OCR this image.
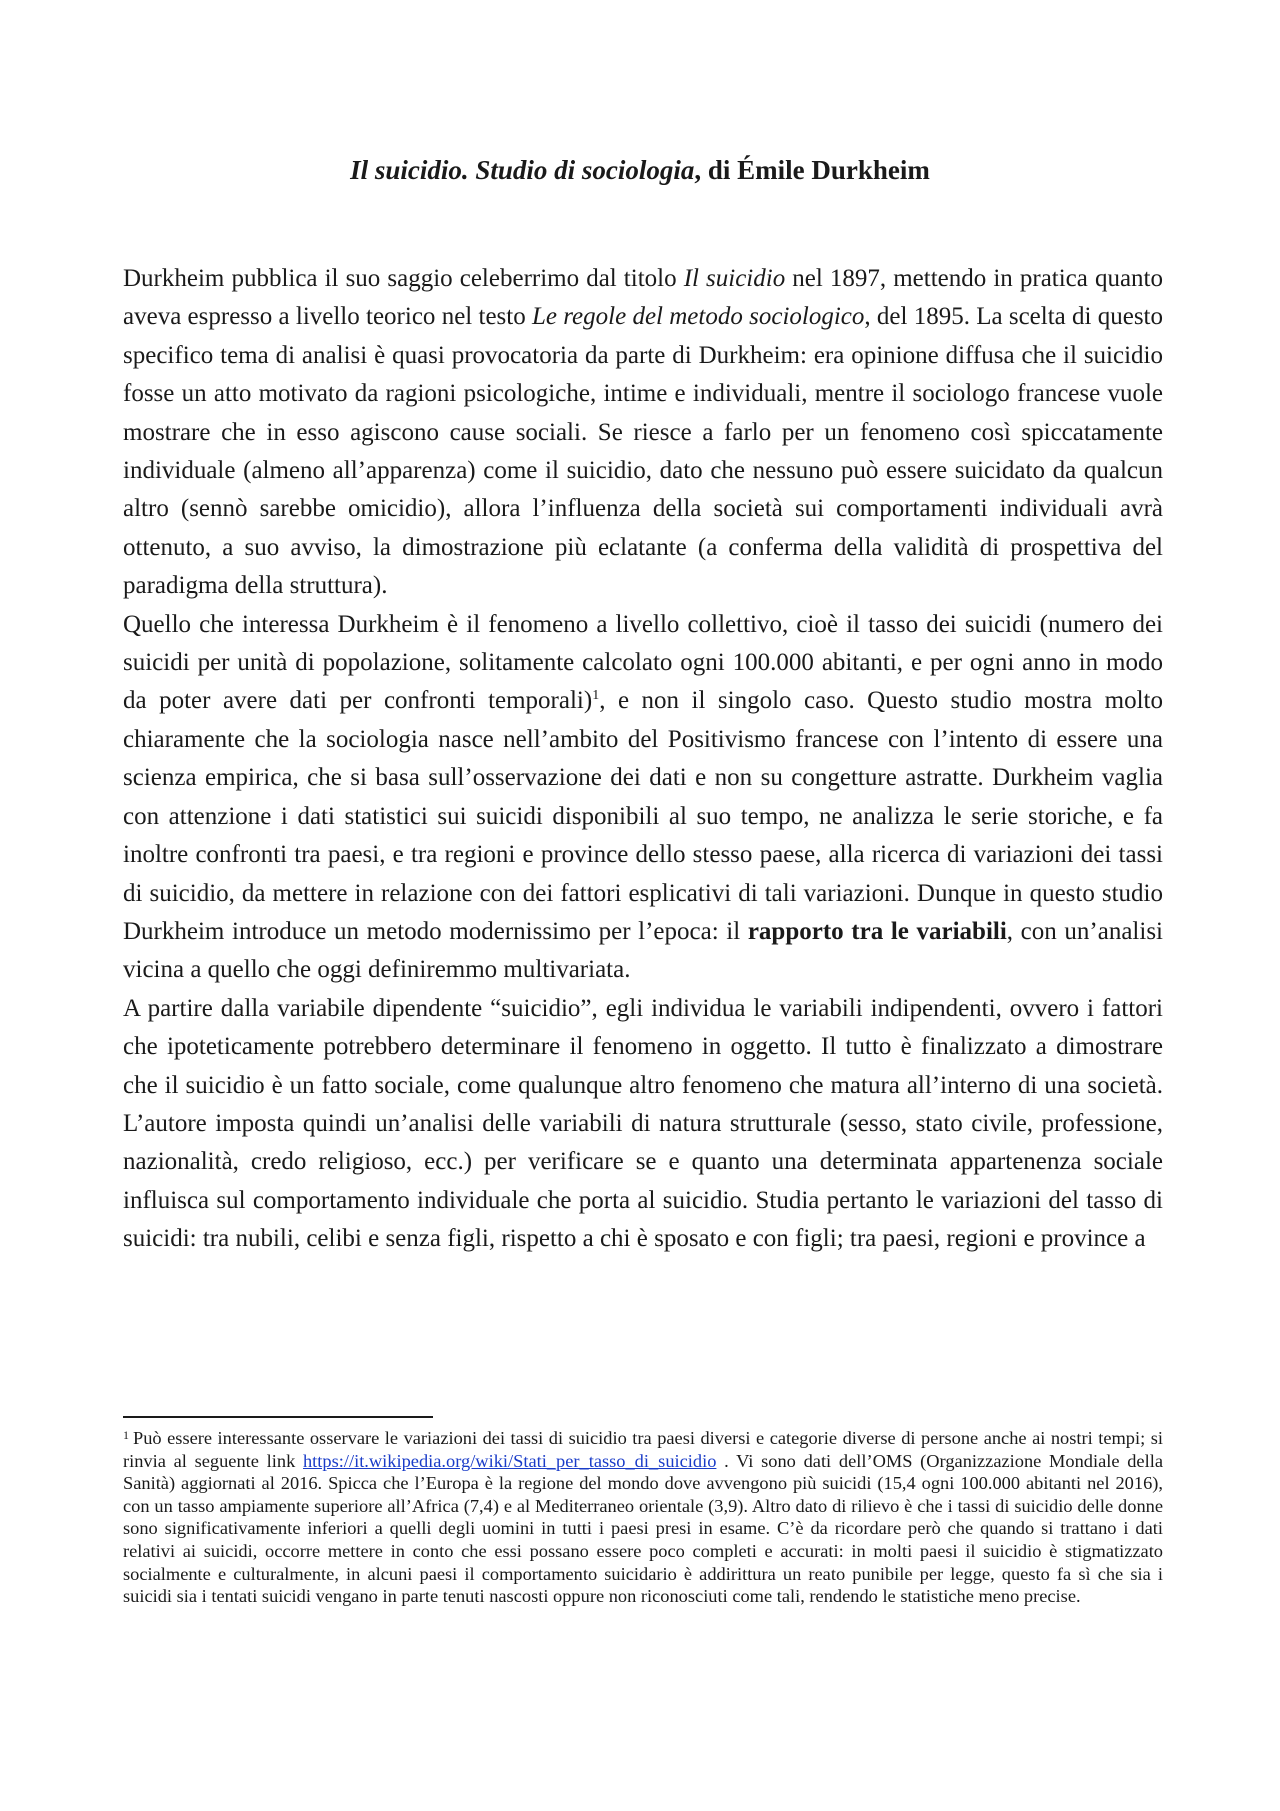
Il suicidio. Studio di sociologia, di Émile Durkheim

Durkheim pubblica il suo saggio celeberrimo dal titolo Il suicidio nel 1897, mettendo in pratica quanto aveva espresso a livello teorico nel testo Le regole del metodo sociologico, del 1895. La scelta di questo specifico tema di analisi è quasi provocatoria da parte di Durkheim: era opinione diffusa che il suicidio fosse un atto motivato da ragioni psicologiche, intime e individuali, mentre il sociologo francese vuole mostrare che in esso agiscono cause sociali. Se riesce a farlo per un fenomeno così spiccatamente individuale (almeno all’apparenza) come il suicidio, dato che nessuno può essere suicidato da qualcun altro (sennò sarebbe omicidio), allora l’influenza della società sui comportamenti individuali avrà ottenuto, a suo avviso, la dimostrazione più eclatante (a conferma della validità di prospettiva del paradigma della struttura).

Quello che interessa Durkheim è il fenomeno a livello collettivo, cioè il tasso dei suicidi (numero dei suicidi per unità di popolazione, solitamente calcolato ogni 100.000 abitanti, e per ogni anno in modo da poter avere dati per confronti temporali)$^1$, e non il singolo caso. Questo studio mostra molto chiaramente che la sociologia nasce nell’ambito del Positivismo francese con l’intento di essere una scienza empirica, che si basa sull’osservazione dei dati e non su congetture astratte. Durkheim vaglia con attenzione i dati statistici sui suicidi disponibili al suo tempo, ne analizza le serie storiche, e fa inoltre confronti tra paesi, e tra regioni e province dello stesso paese, alla ricerca di variazioni dei tassi di suicidio, da mettere in relazione con dei fattori esplicativi di tali variazioni. Dunque in questo studio Durkheim introduce un metodo modernissimo per l’epoca: il rapporto tra le variabili, con un’analisi vicina a quello che oggi definiremmo multivariata.

A partire dalla variabile dipendente “suicidio”, egli individua le variabili indipendenti, ovvero i fattori che ipoteticamente potrebbero determinare il fenomeno in oggetto. Il tutto è finalizzato a dimostrare che il suicidio è un fatto sociale, come qualunque altro fenomeno che matura all’interno di una società. L’autore imposta quindi un’analisi delle variabili di natura strutturale (sesso, stato civile, professione, nazionalità, credo religioso, ecc.) per verificare se e quanto una determinata appartenenza sociale influisca sul comportamento individuale che porta al suicidio. Studia pertanto le variazioni del tasso di suicidi: tra nubili, celibi e senza figli, rispetto a chi è sposato e con figli; tra paesi, regioni e province a

$^1$ Può essere interessante osservare le variazioni dei tassi di suicidio tra paesi diversi e categorie diverse di persone anche ai nostri tempi; si rinvia al seguente link https://it.wikipedia.org/wiki/Stati_per_tasso_di_suicidio . Vi sono dati dell’OMS (Organizzazione Mondiale della Sanità) aggiornati al 2016. Spicca che l’Europa è la regione del mondo dove avvengono più suicidi (15,4 ogni 100.000 abitanti nel 2016), con un tasso ampiamente superiore all’Africa (7,4) e al Mediterraneo orientale (3,9). Altro dato di rilievo è che i tassi di suicidio delle donne sono significativamente inferiori a quelli degli uomini in tutti i paesi presi in esame. C’è da ricordare però che quando si trattano i dati relativi ai suicidi, occorre mettere in conto che essi possano essere poco completi e accurati: in molti paesi il suicidio è stigmatizzato socialmente e culturalmente, in alcuni paesi il comportamento suicidario è addirittura un reato punibile per legge, questo fa sì che sia i suicidi sia i tentati suicidi vengano in parte tenuti nascosti oppure non riconosciuti come tali, rendendo le statistiche meno precise.
